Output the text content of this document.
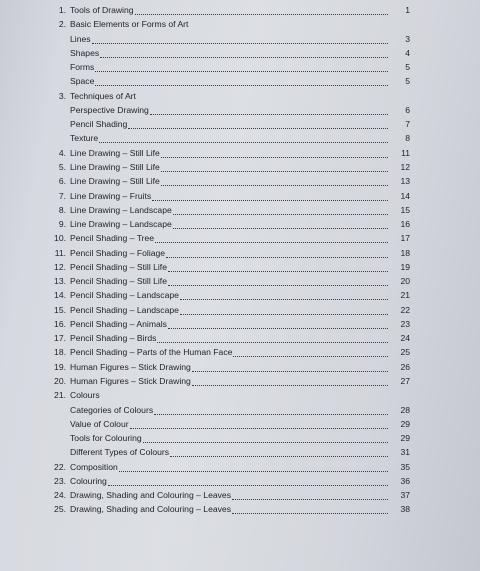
1. Tools of Drawing	1
2. Basic Elements or Forms of Art
Lines	3
Shapes	4
Forms	5
Space	5
3. Techniques of Art
Perspective Drawing	6
Pencil Shading	7
Texture	8
4. Line Drawing – Still Life	11
5. Line Drawing – Still Life	12
6. Line Drawing – Still Life	13
7. Line Drawing – Fruits	14
8. Line Drawing – Landscape	15
9. Line Drawing – Landscape	16
10. Pencil Shading – Tree	17
11. Pencil Shading – Foliage	18
12. Pencil Shading – Still Life	19
13. Pencil Shading – Still Life	20
14. Pencil Shading – Landscape	21
15. Pencil Shading – Landscape	22
16. Pencil Shading – Animals	23
17. Pencil Shading – Birds	24
18. Pencil Shading – Parts of the Human Face	25
19. Human Figures – Stick Drawing	26
20. Human Figures – Stick Drawing	27
21. Colours
Categories of Colours	28
Value of Colour	29
Tools for Colouring	29
Different Types of Colours	31
22. Composition	35
23. Colouring	36
24. Drawing, Shading and Colouring – Leaves	37
25. Drawing, Shading and Colouring – Leaves	38
